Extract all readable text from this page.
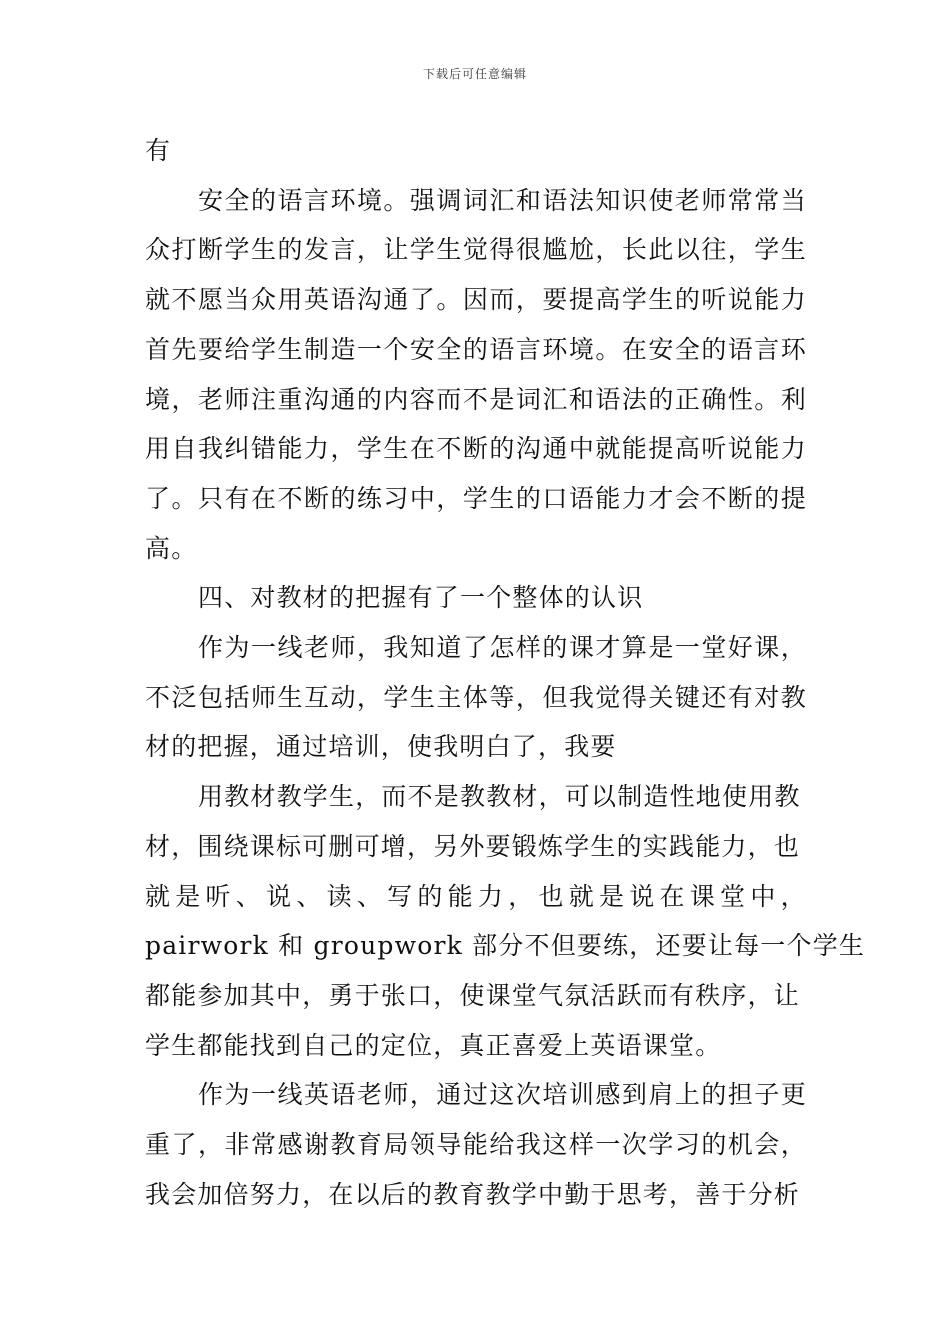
下载后可任意编辑

有

安全的语言环境。强调词汇和语法知识使老师常常当众打断学生的发言，让学生觉得很尴尬，长此以往，学生就不愿当众用英语沟通了。因而，要提高学生的听说能力首先要给学生制造一个安全的语言环境。在安全的语言环境，老师注重沟通的内容而不是词汇和语法的正确性。利用自我纠错能力，学生在不断的沟通中就能提高听说能力了。只有在不断的练习中，学生的口语能力才会不断的提高。

四、对教材的把握有了一个整体的认识

作为一线老师，我知道了怎样的课才算是一堂好课，不泛包括师生互动，学生主体等，但我觉得关键还有对教材的把握，通过培训，使我明白了，我要

用教材教学生，而不是教教材，可以制造性地使用教
材，围绕课标可删可增，另外要锻炼学生的实践能力，也
就 是 听 、 说 、 读 、 写 的 能 力 ， 也 就 是 说 在 课 堂 中 ，
pairwork 和 groupwork 部分不但要练，还要让每一个学生
都能参加其中，勇于张口，使课堂气氛活跃而有秩序，让
学生都能找到自己的定位，真正喜爱上英语课堂。

作为一线英语老师，通过这次培训感到肩上的担子更重了，非常感谢教育局领导能给我这样一次学习的机会，我会加倍努力，在以后的教育教学中勤于思考，善于分析
